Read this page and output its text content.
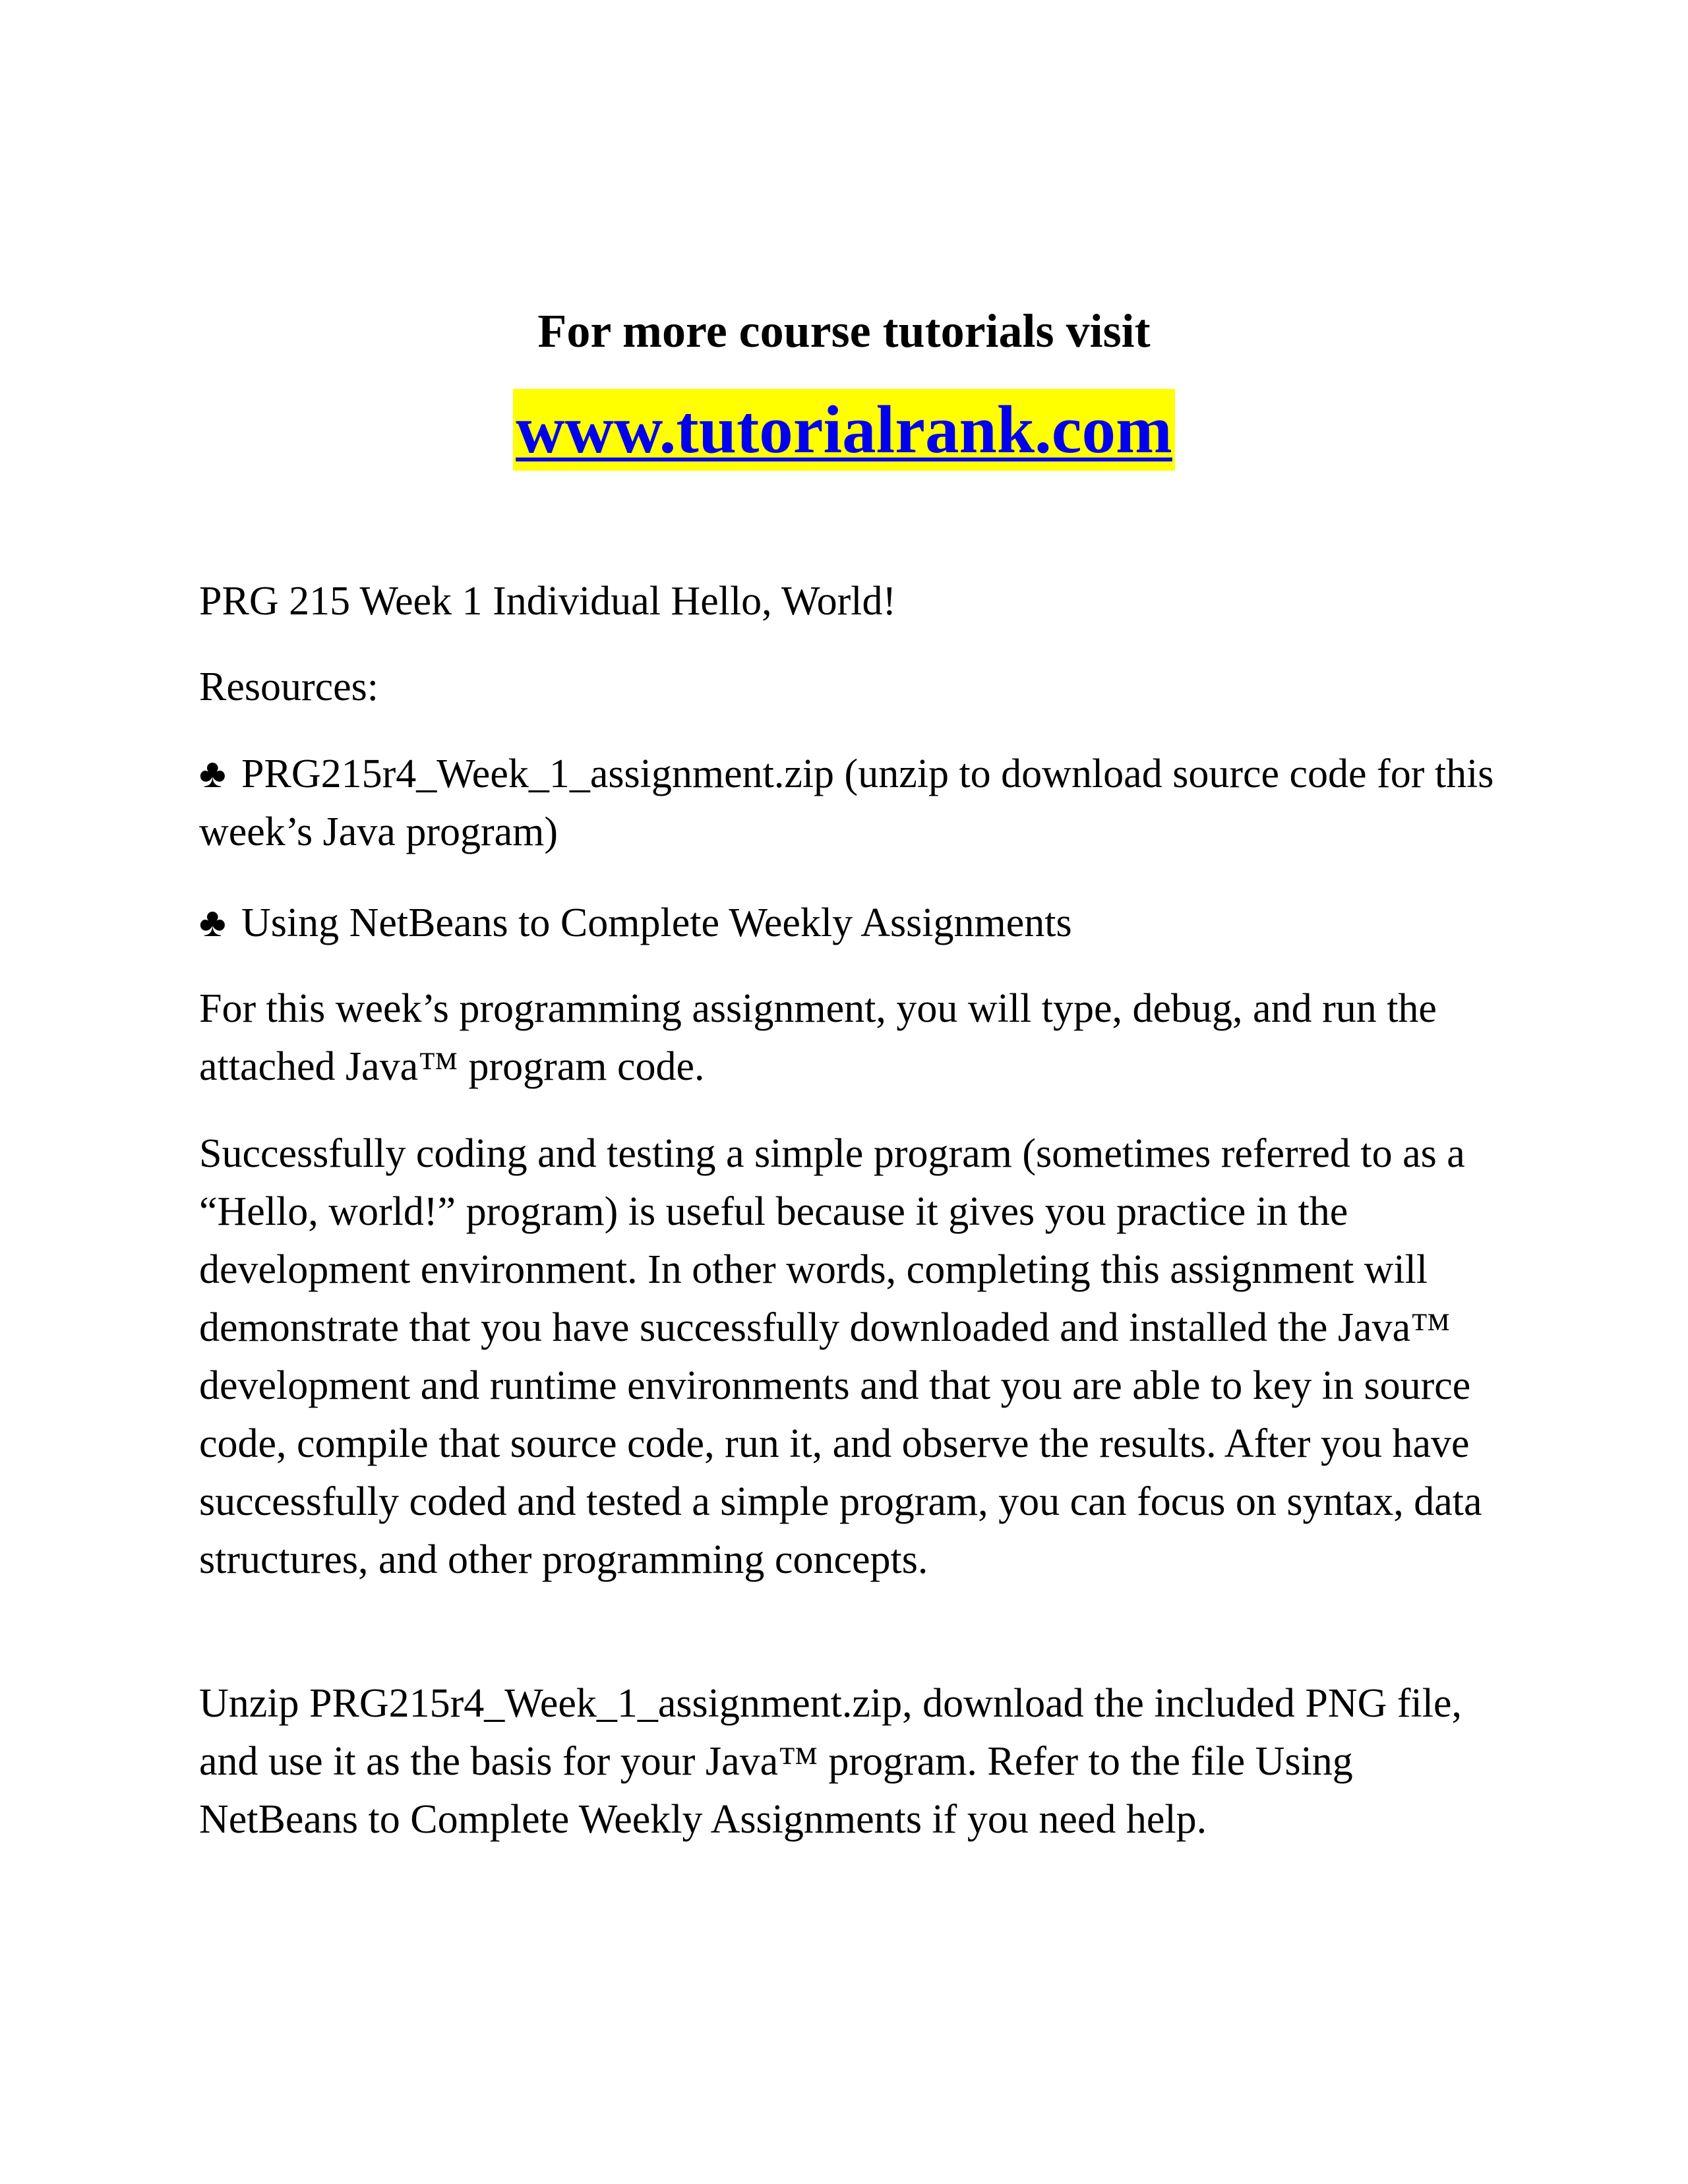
For more course tutorials visit
www.tutorialrank.com

PRG 215 Week 1 Individual Hello, World!

Resources:

♣ PRG215r4_Week_1_assignment.zip (unzip to download source code for this week’s Java program)

♣ Using NetBeans to Complete Weekly Assignments

For this week’s programming assignment, you will type, debug, and run the attached Java™ program code.

Successfully coding and testing a simple program (sometimes referred to as a “Hello, world!” program) is useful because it gives you practice in the development environment. In other words, completing this assignment will demonstrate that you have successfully downloaded and installed the Java™ development and runtime environments and that you are able to key in source code, compile that source code, run it, and observe the results. After you have successfully coded and tested a simple program, you can focus on syntax, data structures, and other programming concepts.

Unzip PRG215r4_Week_1_assignment.zip, download the included PNG file, and use it as the basis for your Java™ program. Refer to the file Using NetBeans to Complete Weekly Assignments if you need help.
